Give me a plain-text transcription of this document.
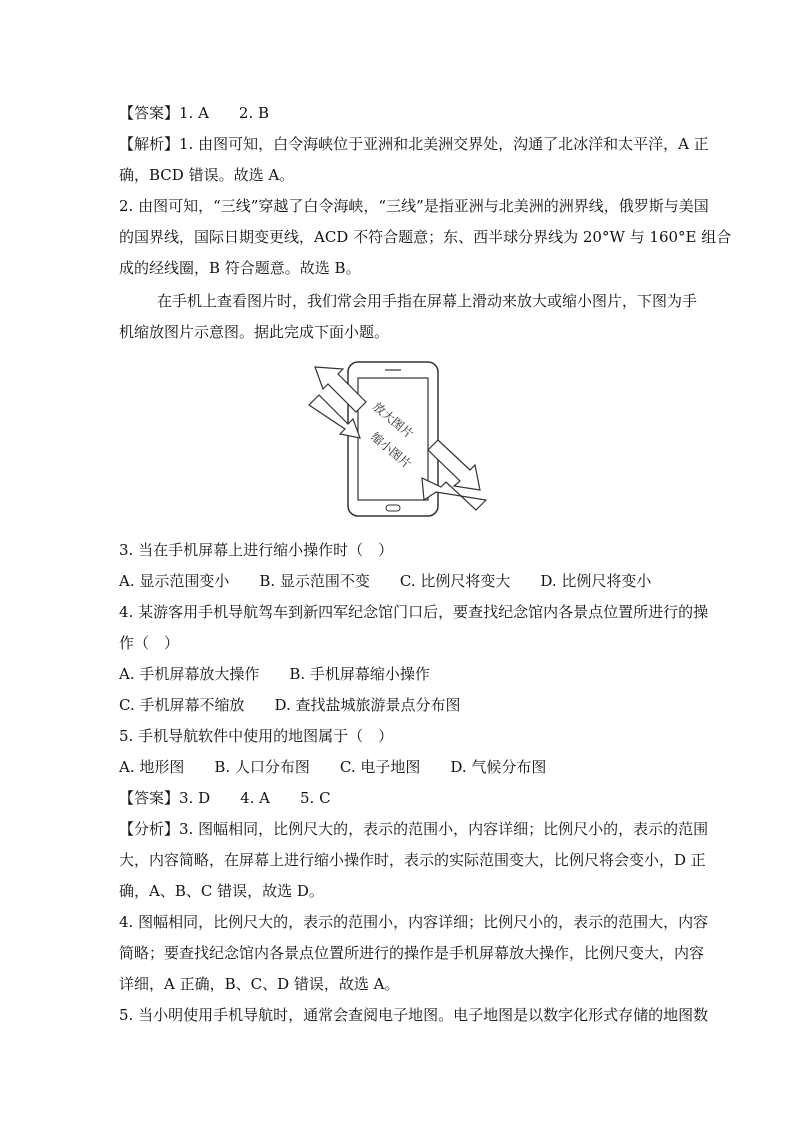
【答案】1. A　　2. B
【解析】1. 由图可知，白令海峡位于亚洲和北美洲交界处，沟通了北冰洋和太平洋，A 正
确，BCD 错误。故选 A。
2. 由图可知，“三线”穿越了白令海峡，“三线”是指亚洲与北美洲的洲界线，俄罗斯与美国
的国界线，国际日期变更线，ACD 不符合题意；东、西半球分界线为 20°W 与 160°E 组合
成的经线圈，B 符合题意。故选 B。
在手机上查看图片时，我们常会用手指在屏幕上滑动来放大或缩小图片，下图为手
机缩放图片示意图。据此完成下面小题。
放大图片
缩小图片
3. 当在手机屏幕上进行缩小操作时（　）
A. 显示范围变小　　B. 显示范围不变　　C. 比例尺将变大　　D. 比例尺将变小
4. 某游客用手机导航驾车到新四军纪念馆门口后，要查找纪念馆内各景点位置所进行的操
作（　）
A. 手机屏幕放大操作　　B. 手机屏幕缩小操作
C. 手机屏幕不缩放　　D. 查找盐城旅游景点分布图
5. 手机导航软件中使用的地图属于（　）
A. 地形图　　B. 人口分布图　　C. 电子地图　　D. 气候分布图
【答案】3. D　　4. A　　5. C
【分析】3. 图幅相同，比例尺大的，表示的范围小，内容详细；比例尺小的，表示的范围
大，内容简略，在屏幕上进行缩小操作时，表示的实际范围变大，比例尺将会变小，D 正
确，A、B、C 错误，故选 D。
4. 图幅相同，比例尺大的，表示的范围小，内容详细；比例尺小的，表示的范围大，内容
简略；要查找纪念馆内各景点位置所进行的操作是手机屏幕放大操作，比例尺变大，内容
详细，A 正确，B、C、D 错误，故选 A。
5. 当小明使用手机导航时，通常会查阅电子地图。电子地图是以数字化形式存储的地图数
